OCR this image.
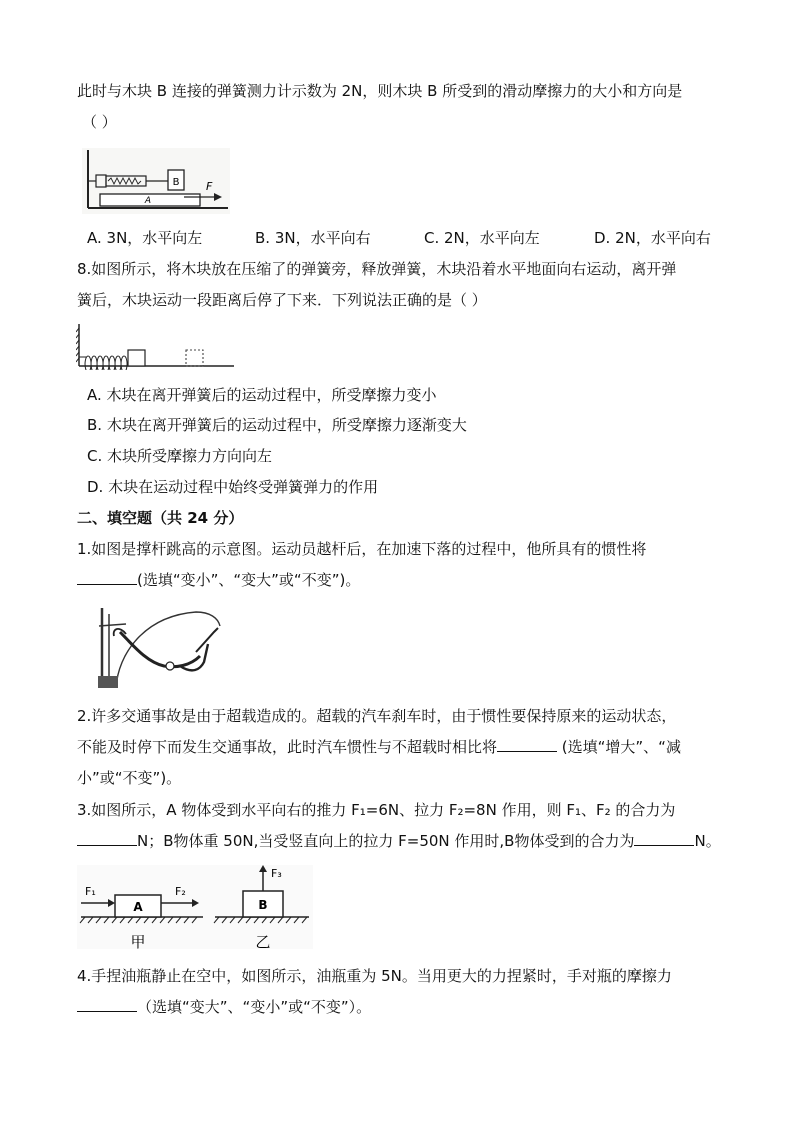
此时与木块 B 连接的弹簧测力计示数为 2N，则木块 B 所受到的滑动摩擦力的大小和方向是
（ ）
B
A
F
A. 3N，水平向左	B. 3N，水平向右	C. 2N，水平向左	D. 2N，水平向右
8.如图所示，将木块放在压缩了的弹簧旁，释放弹簧，木块沿着水平地面向右运动，离开弹
簧后，木块运动一段距离后停了下来．下列说法正确的是（ ）
A. 木块在离开弹簧后的运动过程中，所受摩擦力变小
B. 木块在离开弹簧后的运动过程中，所受摩擦力逐渐变大
C. 木块所受摩擦力方向向左
D. 木块在运动过程中始终受弹簧弹力的作用
二、填空题（共 24 分）
1.如图是撑杆跳高的示意图。运动员越杆后，在加速下落的过程中，他所具有的惯性将
(选填“变小”、“变大”或“不变”)。
2.许多交通事故是由于超载造成的。超载的汽车刹车时，由于惯性要保持原来的运动状态，
不能及时停下而发生交通事故，此时汽车惯性与不超载时相比将	(选填“增大”、“减
小”或“不变”)。
3.如图所示，A 物体受到水平向右的推力 F₁=6N、拉力 F₂=8N 作用，则 F₁、F₂ 的合力为
N；B物体重 50N,当受竖直向上的拉力 F=50N 作用时,B物体受到的合力为	N。
A
F₁	F₂
甲
B
F₃
乙
4.手捏油瓶静止在空中，如图所示，油瓶重为 5N。当用更大的力捏紧时，手对瓶的摩擦力
（选填“变大”、“变小”或“不变”）。
